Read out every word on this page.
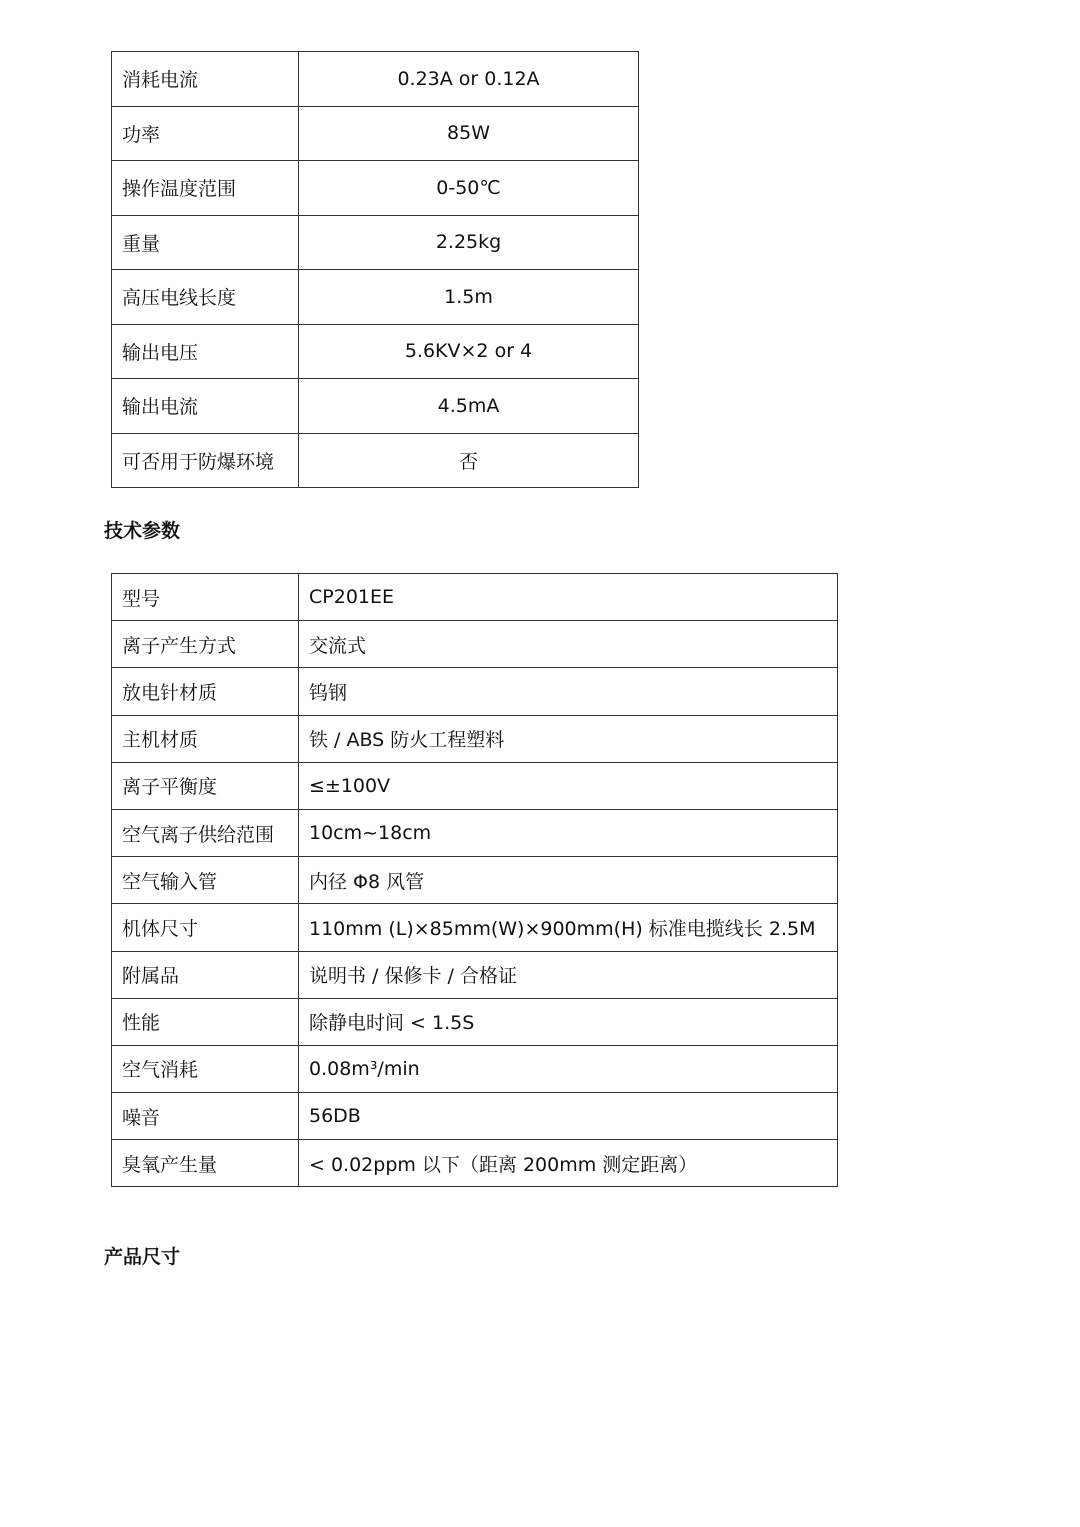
消耗电流	0.23A or 0.12A
功率	85W
操作温度范围	0-50℃
重量	2.25kg
高压电线长度	1.5m
输出电压	5.6KV×2 or 4
输出电流	4.5mA
可否用于防爆环境	否
技术参数
型号	CP201EE
离子产生方式	交流式
放电针材质	钨钢
主机材质	铁 / ABS 防火工程塑料
离子平衡度	≤±100V
空气离子供给范围	10cm~18cm
空气输入管	内径 Φ8 风管
机体尺寸	110mm (L)×85mm(W)×900mm(H) 标准电揽线长 2.5M
附属品	说明书 / 保修卡 / 合格证
性能	除静电时间 < 1.5S
空气消耗	0.08m³/min
噪音	56DB
臭氧产生量	< 0.02ppm 以下（距离 200mm 测定距离）
产品尺寸
